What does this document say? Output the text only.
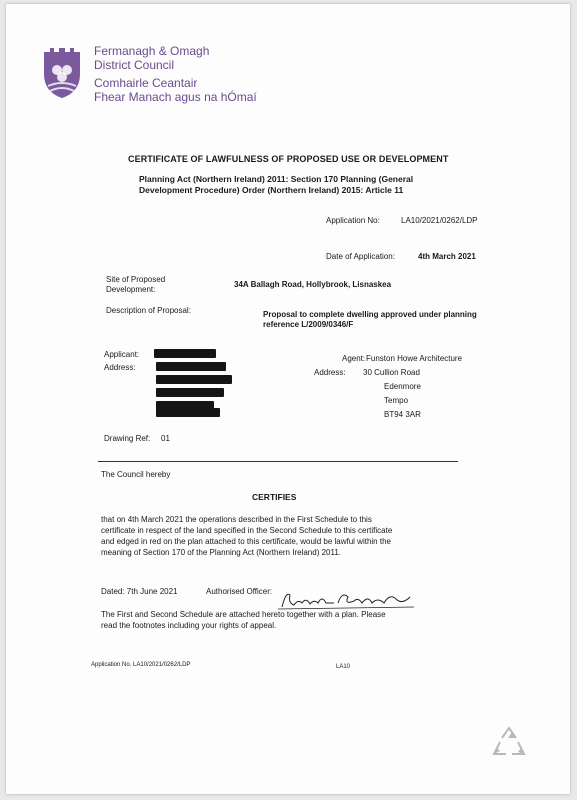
Fermanagh & Omagh
District Council
Comhairle Ceantair
Fhear Manach agus na hÓmaí
CERTIFICATE OF LAWFULNESS OF PROPOSED USE OR DEVELOPMENT
Planning Act (Northern Ireland) 2011: Section 170 Planning (General
Development Procedure) Order (Northern Ireland) 2015: Article 11
Application No:	LA10/2021/0262/LDP
Date of Application:	4th March 2021
Site of Proposed
Development:
34A Ballagh Road, Hollybrook, Lisnaskea
Description of Proposal:	Proposal to complete dwelling approved under planning
reference L/2009/0346/F
Applicant:
Address:
Agent: Funston Howe Architecture
Address: 30 Cullion Road
Edenmore
Tempo
BT94 3AR
Drawing Ref: 01
The Council hereby
CERTIFIES
that on 4th March 2021 the operations described in the First Schedule to this
certificate in respect of the land specified in the Second Schedule to this certificate
and edged in red on the plan attached to this certificate, would be lawful within the
meaning of Section 170 of the Planning Act (Northern Ireland) 2011.
Dated: 7th June 2021	Authorised Officer:
The First and Second Schedule are attached hereto together with a plan. Please
read the footnotes including your rights of appeal.
Application No. LA10/2021/0262/LDP	LA10
